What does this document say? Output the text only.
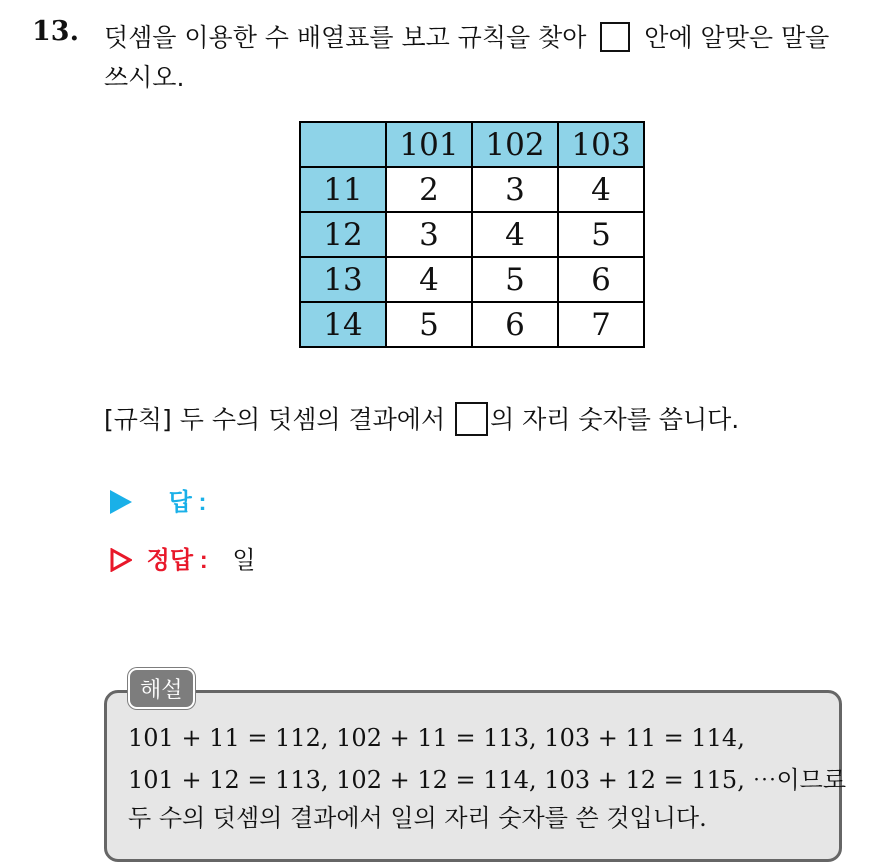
13. 덧셈을 이용한 수 배열표를 보고 규칙을 찾아 안에 알맞은 말을
쓰시오.
	101	102	103
11	2	3	4
12	3	4	5
13	4	5	6
14	5	6	7
[규칙] 두 수의 덧셈의 결과에서 의 자리 숫자를 씁니다.
답 :
정답 : 일
해설
101 + 11 = 112, 102 + 11 = 113, 103 + 11 = 114,
101 + 12 = 113, 102 + 12 = 114, 103 + 12 = 115, ⋯이므로
두 수의 덧셈의 결과에서 일의 자리 숫자를 쓴 것입니다.
